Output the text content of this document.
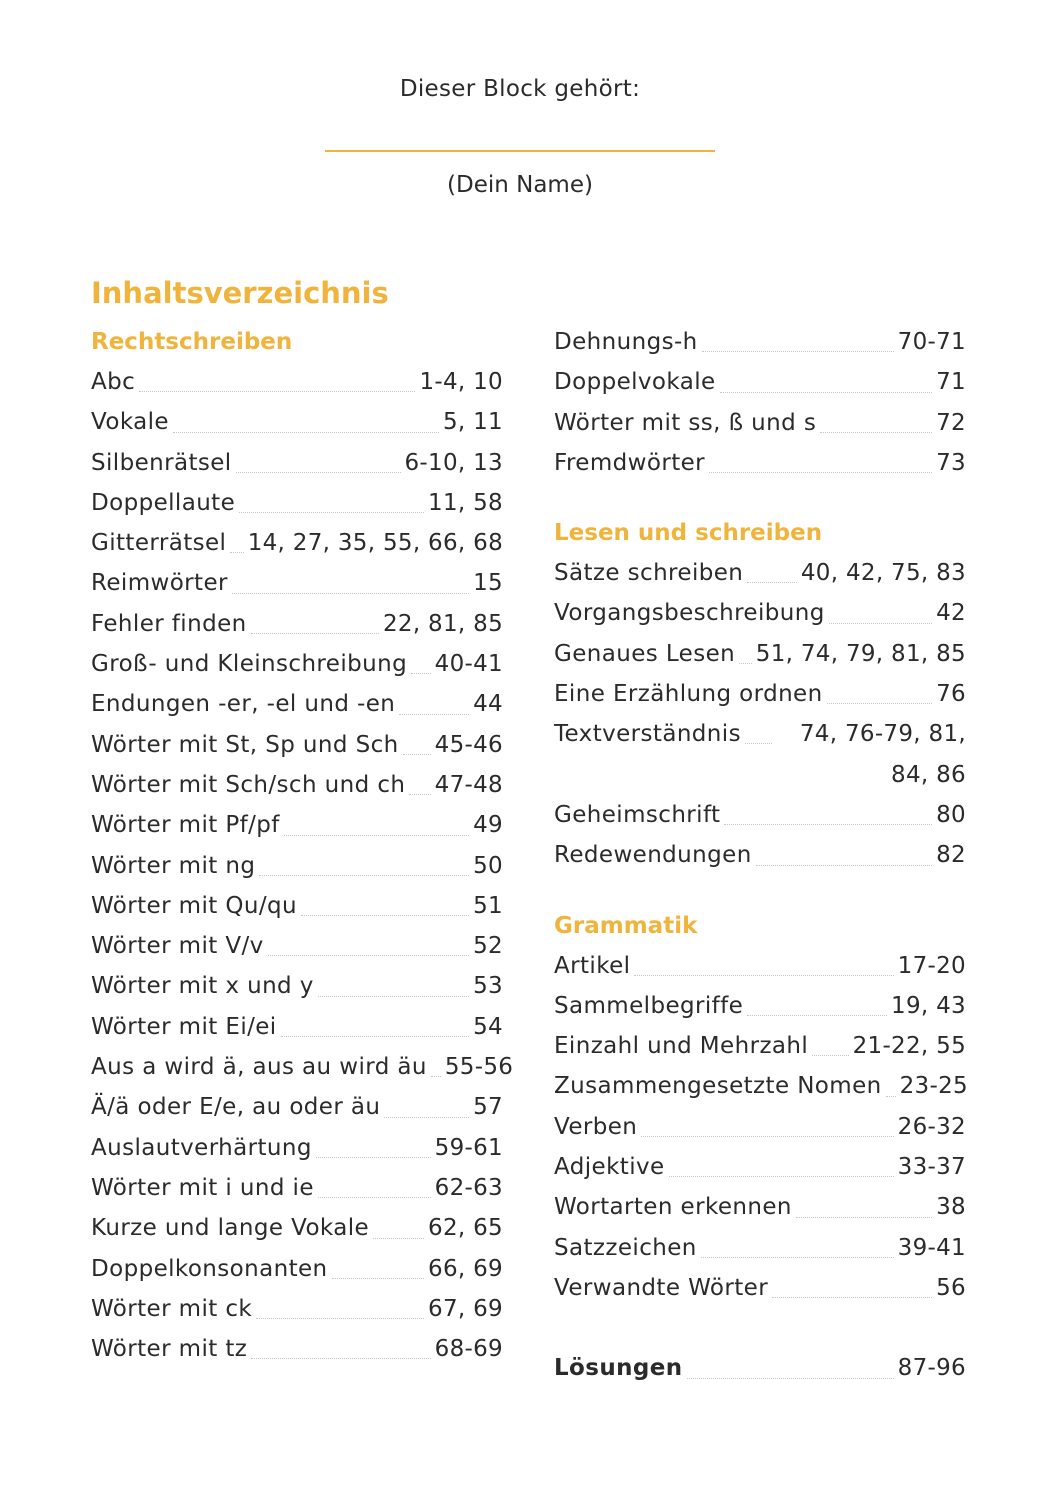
Dieser Block gehört:
(Dein Name)
Inhaltsverzeichnis
Rechtschreiben
Abc	1-4, 10
Vokale	5, 11
Silbenrätsel	6-10, 13
Doppellaute	11, 58
Gitterrätsel 14, 27, 35, 55, 66, 68
Reimwörter	15
Fehler finden	22, 81, 85
Groß- und Kleinschreibung 40-41
Endungen -er, -el und -en	44
Wörter mit St, Sp und Sch 45-46
Wörter mit Sch/sch und ch 47-48
Wörter mit Pf/pf	49
Wörter mit ng	50
Wörter mit Qu/qu	51
Wörter mit V/v	52
Wörter mit x und y	53
Wörter mit Ei/ei	54
Aus a wird ä, aus au wird äu 55-56
Ä/ä oder E/e, au oder äu	57
Auslautverhärtung	59-61
Wörter mit i und ie	62-63
Kurze und lange Vokale	62, 65
Doppelkonsonanten	66, 69
Wörter mit ck	67, 69
Wörter mit tz	68-69
Dehnungs-h	70-71
Doppelvokale	71
Wörter mit ss, ß und s	72
Fremdwörter	73
Lesen und schreiben
Sätze schreiben	40, 42, 75, 83
Vorgangsbeschreibung	42
Genaues Lesen 51, 74, 79, 81, 85
Eine Erzählung ordnen	76
Textverständnis	74, 76-79, 81, 84, 86
Geheimschrift	80
Redewendungen	82
Grammatik
Artikel	17-20
Sammelbegriffe	19, 43
Einzahl und Mehrzahl 21-22, 55
Zusammengesetzte Nomen 23-25
Verben	26-32
Adjektive	33-37
Wortarten erkennen	38
Satzzeichen	39-41
Verwandte Wörter	56
Lösungen	87-96
